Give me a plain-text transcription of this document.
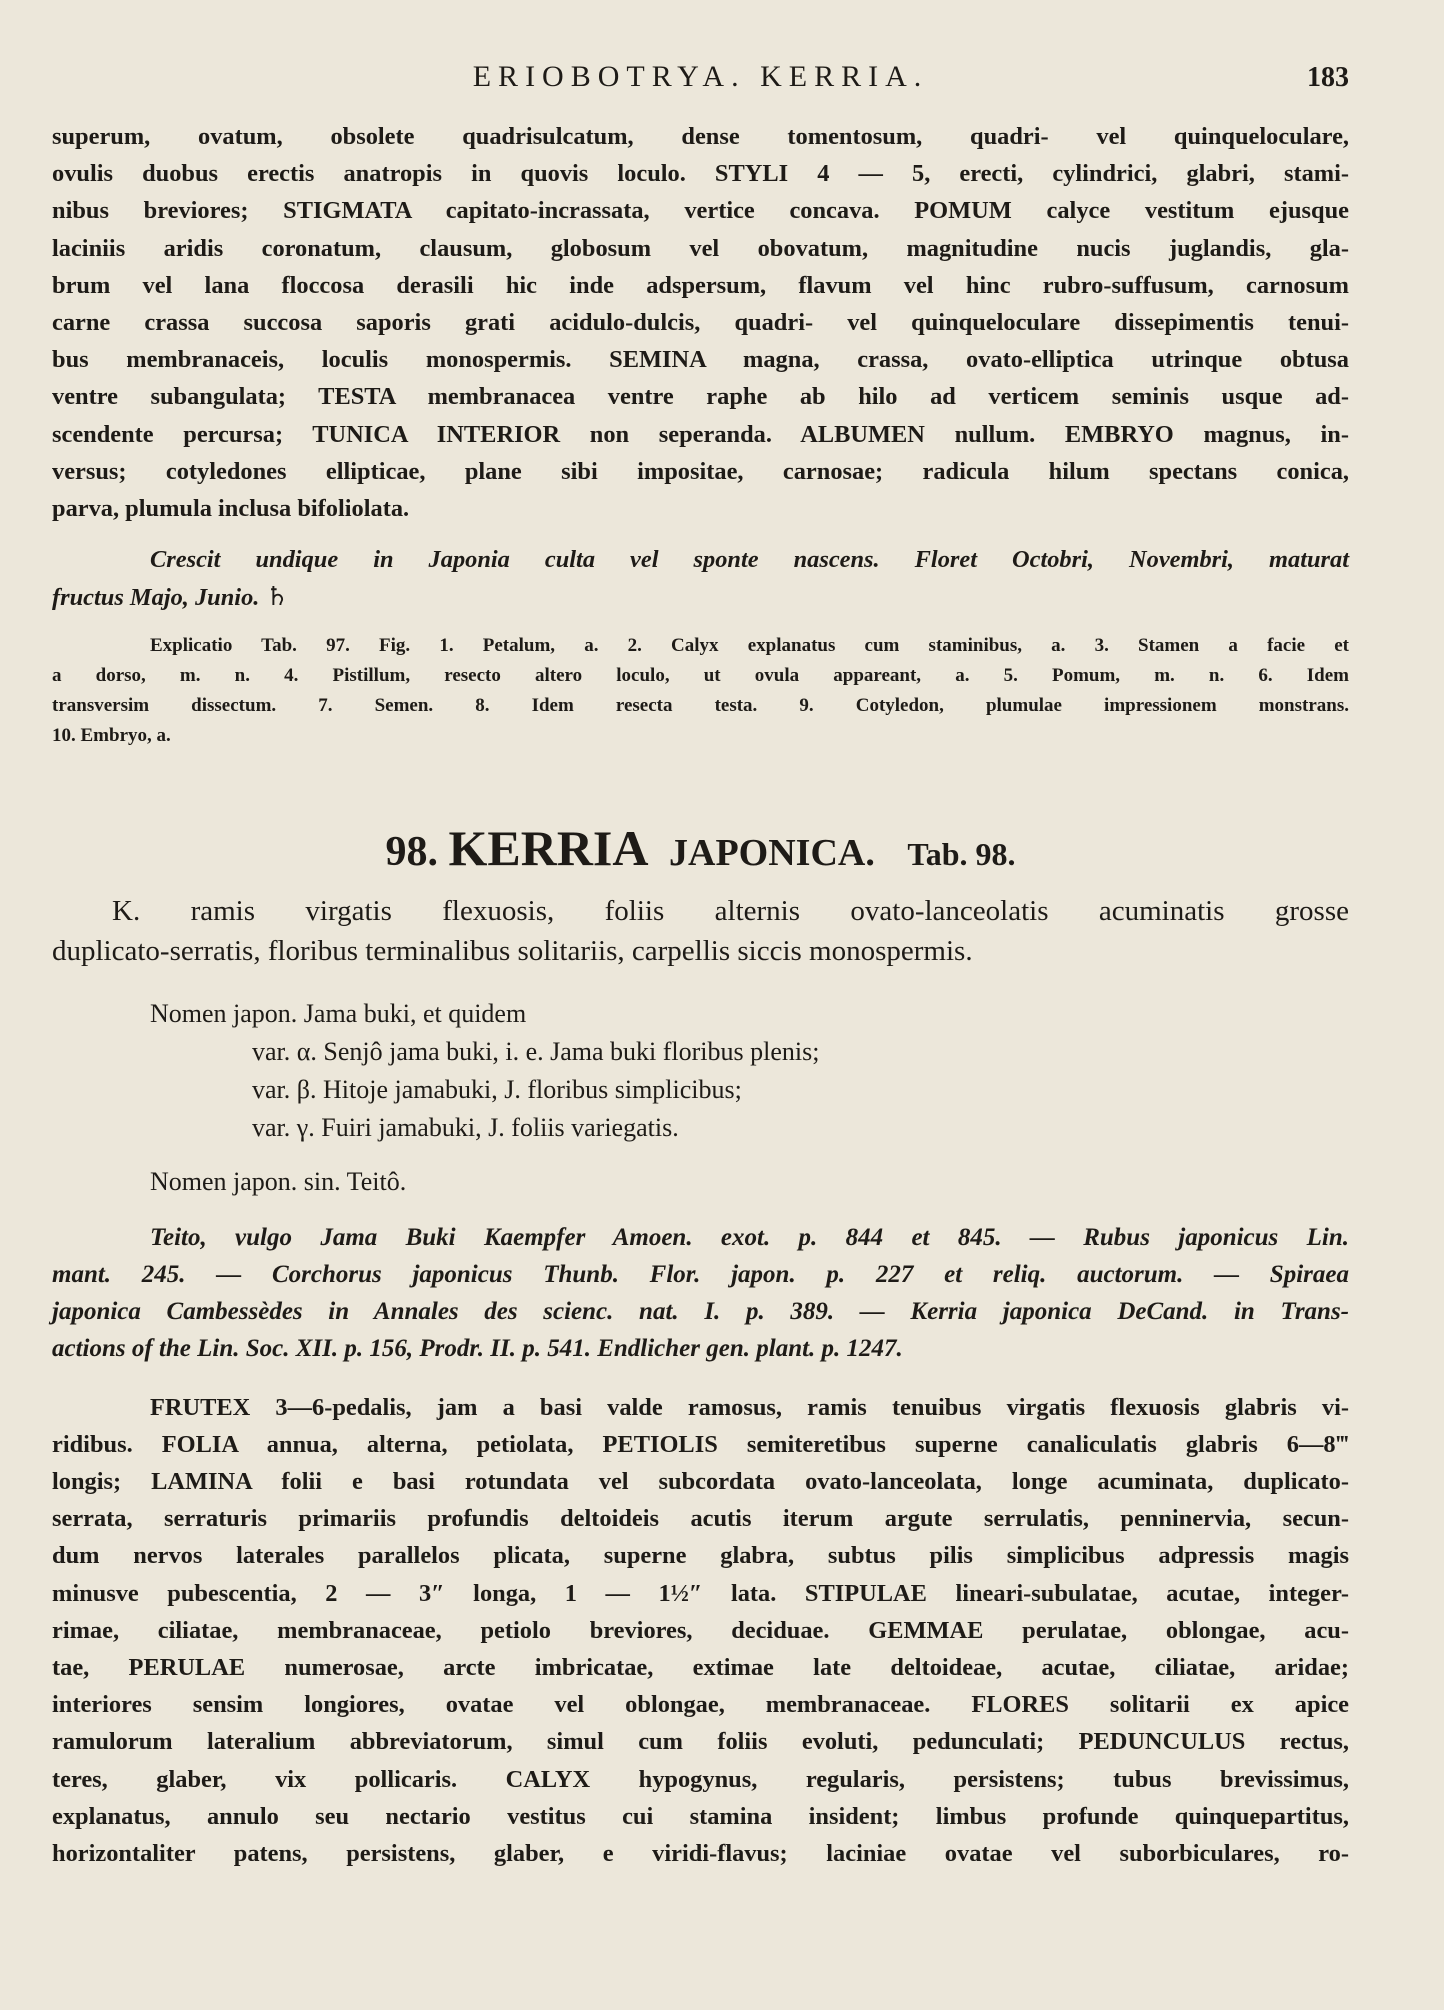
ERIOBOTRYA. KERRIA.	183

superum, ovatum, obsolete quadrisulcatum, dense tomentosum, quadri- vel quinqueloculare,
ovulis duobus erectis anatropis in quovis loculo. STYLI 4 — 5, erecti, cylindrici, glabri, stami-
nibus breviores; STIGMATA capitato-incrassata, vertice concava. POMUM calyce vestitum ejusque
laciniis aridis coronatum, clausum, globosum vel obovatum, magnitudine nucis juglandis, gla-
brum vel lana floccosa derasili hic inde adspersum, flavum vel hinc rubro-suffusum, carnosum
carne crassa succosa saporis grati acidulo-dulcis, quadri- vel quinqueloculare dissepimentis tenui-
bus membranaceis, loculis monospermis. SEMINA magna, crassa, ovato-elliptica utrinque obtusa
ventre subangulata; TESTA membranacea ventre raphe ab hilo ad verticem seminis usque ad-
scendente percursa; TUNICA INTERIOR non seperanda. ALBUMEN nullum. EMBRYO magnus, in-
versus; cotyledones ellipticae, plane sibi impositae, carnosae; radicula hilum spectans conica,
parva, plumula inclusa bifoliolata.

Crescit undique in Japonia culta vel sponte nascens. Floret Octobri, Novembri, maturat
fructus Majo, Junio. ♄

Explicatio Tab. 97. Fig. 1. Petalum, a. 2. Calyx explanatus cum staminibus, a. 3. Stamen a facie et
a dorso, m. n. 4. Pistillum, resecto altero loculo, ut ovula appareant, a. 5. Pomum, m. n. 6. Idem
transversim dissectum. 7. Semen. 8. Idem resecta testa. 9. Cotyledon, plumulae impressionem monstrans.
10. Embryo, a.
98. KERRIA JAPONICA. Tab. 98.
K. ramis virgatis flexuosis, foliis alternis ovato-lanceolatis acuminatis grosse
duplicato-serratis, floribus terminalibus solitariis, carpellis siccis monospermis.
Nomen japon. Jama buki, et quidem
var. α. Senjô jama buki, i. e. Jama buki floribus plenis;
var. β. Hitoje jamabuki, J. floribus simplicibus;
var. γ. Fuiri jamabuki, J. foliis variegatis.
Nomen japon. sin. Teitô.
Teito, vulgo Jama Buki Kaempfer Amoen. exot. p. 844 et 845. — Rubus japonicus Lin.
mant. 245. — Corchorus japonicus Thunb. Flor. japon. p. 227 et reliq. auctorum. — Spiraea
japonica Cambessèdes in Annales des scienc. nat. I. p. 389. — Kerria japonica DeCand. in Trans-
actions of the Lin. Soc. XII. p. 156, Prodr. II. p. 541. Endlicher gen. plant. p. 1247.

FRUTEX 3—6-pedalis, jam a basi valde ramosus, ramis tenuibus virgatis flexuosis glabris vi-
ridibus. FOLIA annua, alterna, petiolata, PETIOLIS semiteretibus superne canaliculatis glabris 6—8‴
longis; LAMINA folii e basi rotundata vel subcordata ovato-lanceolata, longe acuminata, duplicato-
serrata, serraturis primariis profundis deltoideis acutis iterum argute serrulatis, penninervia, secun-
dum nervos laterales parallelos plicata, superne glabra, subtus pilis simplicibus adpressis magis
minusve pubescentia, 2 — 3″ longa, 1 — 1½″ lata. STIPULAE lineari-subulatae, acutae, integer-
rimae, ciliatae, membranaceae, petiolo breviores, deciduae. GEMMAE perulatae, oblongae, acu-
tae, PERULAE numerosae, arcte imbricatae, extimae late deltoideae, acutae, ciliatae, aridae;
interiores sensim longiores, ovatae vel oblongae, membranaceae. FLORES solitarii ex apice
ramulorum lateralium abbreviatorum, simul cum foliis evoluti, pedunculati; PEDUNCULUS rectus,
teres, glaber, vix pollicaris. CALYX hypogynus, regularis, persistens; tubus brevissimus,
explanatus, annulo seu nectario vestitus cui stamina insident; limbus profunde quinquepartitus,
horizontaliter patens, persistens, glaber, e viridi-flavus; laciniae ovatae vel suborbiculares, ro-
